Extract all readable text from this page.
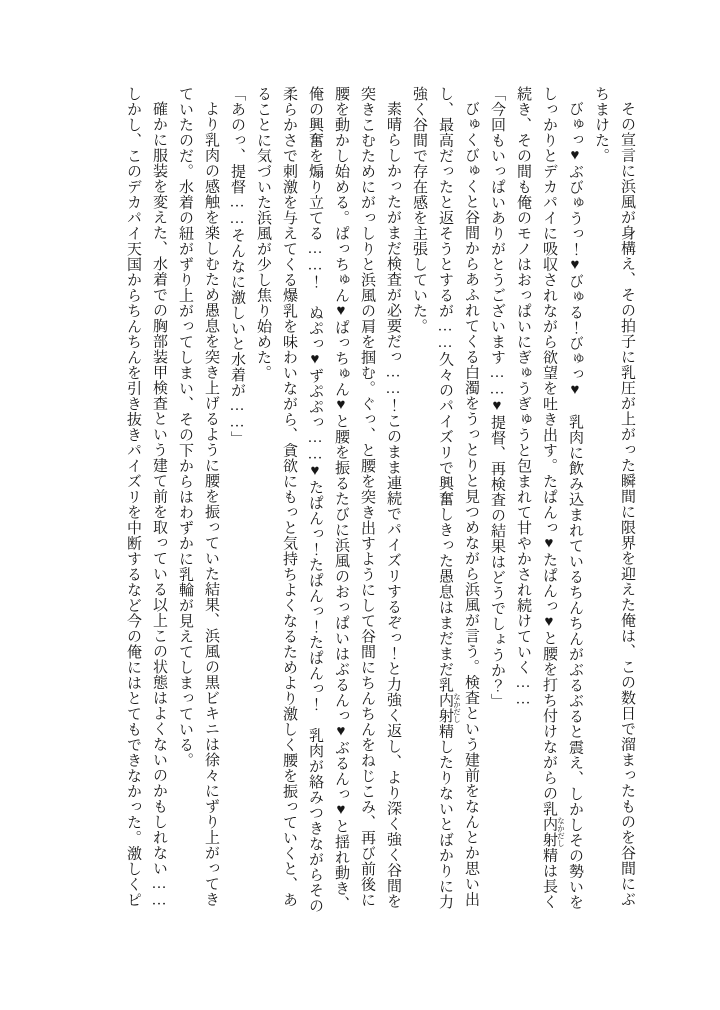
その宣言に浜風が身構え、その拍子に乳圧が上がった瞬間に限界を迎えた俺は、この数日で溜まったものを谷間にぶちまけた。

びゅっ♥ぶびゅうっ！♥びゅる！びゅっ♥　乳肉に飲み込まれているちんちんがぶるぶると震え、しかしその勢いをしっかりとデカパイに吸収されながら欲望を吐き出す。たぱんっ♥たぱんっ♥と腰を打ち付けながらの乳内射精 なかだしは長く続き、その間も俺のモノはおっぱいにぎゅうぎゅうと包まれて甘やかされ続けていく……

「今回もいっぱいありがとうございます……♥提督、再検査の結果はどうでしょうか？」

びゅくびゅくと谷間からあふれてくる白濁をうっとりと見つめながら浜風が言う。検査という建前をなんとか思い出し、最高だったと返そうとするが……久々のパイズリで興奮しきった愚息はまだまだ乳内射精 なかだししたりないとばかりに力強く谷間で存在感を主張していた。

素晴らしかったがまだ検査が必要だっ……！このまま連続でパイズリするぞっ！と力強く返し、より深く強く谷間を突きこむためにがっしりと浜風の肩を掴む。ぐっ、と腰を突き出すようにして谷間にちんちんをねじこみ、再び前後に腰を動かし始める。ぱっちゅん♥ぱっちゅん♥と腰を振るたびに浜風のおっぱいはぶるんっ♥ぶるんっ♥と揺れ動き、俺の興奮を煽り立てる……！　ぬぷっ♥ずぷぷっ……♥たぱんっ！たぱんっ！たぱんっ！　乳肉が絡みつきながらその柔らかさで刺激を与えてくる爆乳を味わいながら、貪欲にもっと気持ちよくなるためより激しく腰を振っていくと、あることに気づいた浜風が少し焦り始めた。

「あのっ、提督……そんなに激しいと水着が……」

より乳肉の感触を楽しむため愚息を突き上げるように腰を振っていた結果、浜風の黒ビキニは徐々にずり上がってきていたのだ。水着の紐がずり上がってしまい、その下からはわずかに乳輪が見えてしまっている。

確かに服装を変えた、水着での胸部装甲検査という建て前を取っている以上この状態はよくないのかもしれない……しかし、このデカパイ天国からちんちんを引き抜きパイズリを中断するなど今の俺にはとてもできなかった。激しくピ
